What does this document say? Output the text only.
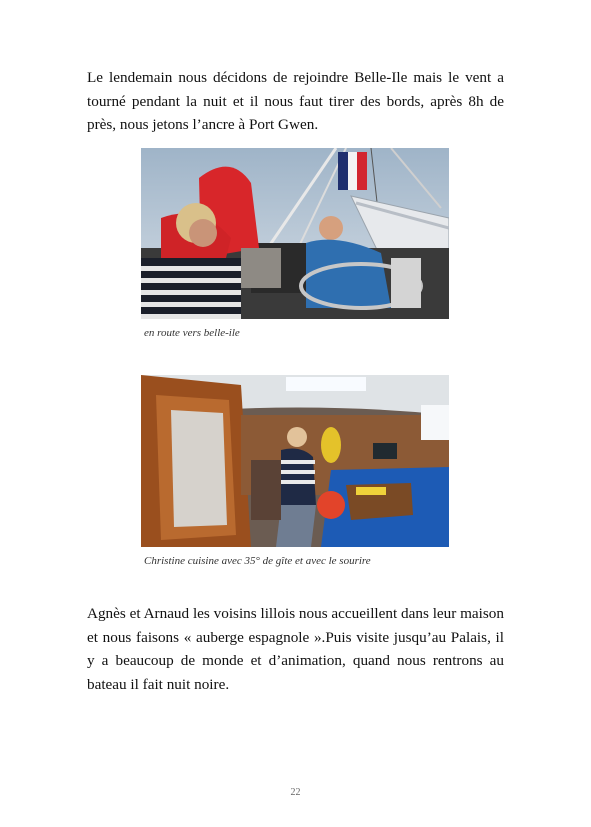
Le lendemain nous décidons de rejoindre Belle-Ile mais le vent a tourné pendant la nuit et il nous faut tirer des bords, après 8h de près, nous jetons l’ancre à Port Gwen.

en route vers belle-ile
Christine cuisine avec 35° de gîte et avec le sourire

Agnès et Arnaud les voisins lillois nous accueillent dans leur maison et nous faisons « auberge espagnole ».Puis visite jusqu’au Palais, il y a beaucoup de monde et d’animation, quand nous rentrons au bateau il fait nuit noire.

22
